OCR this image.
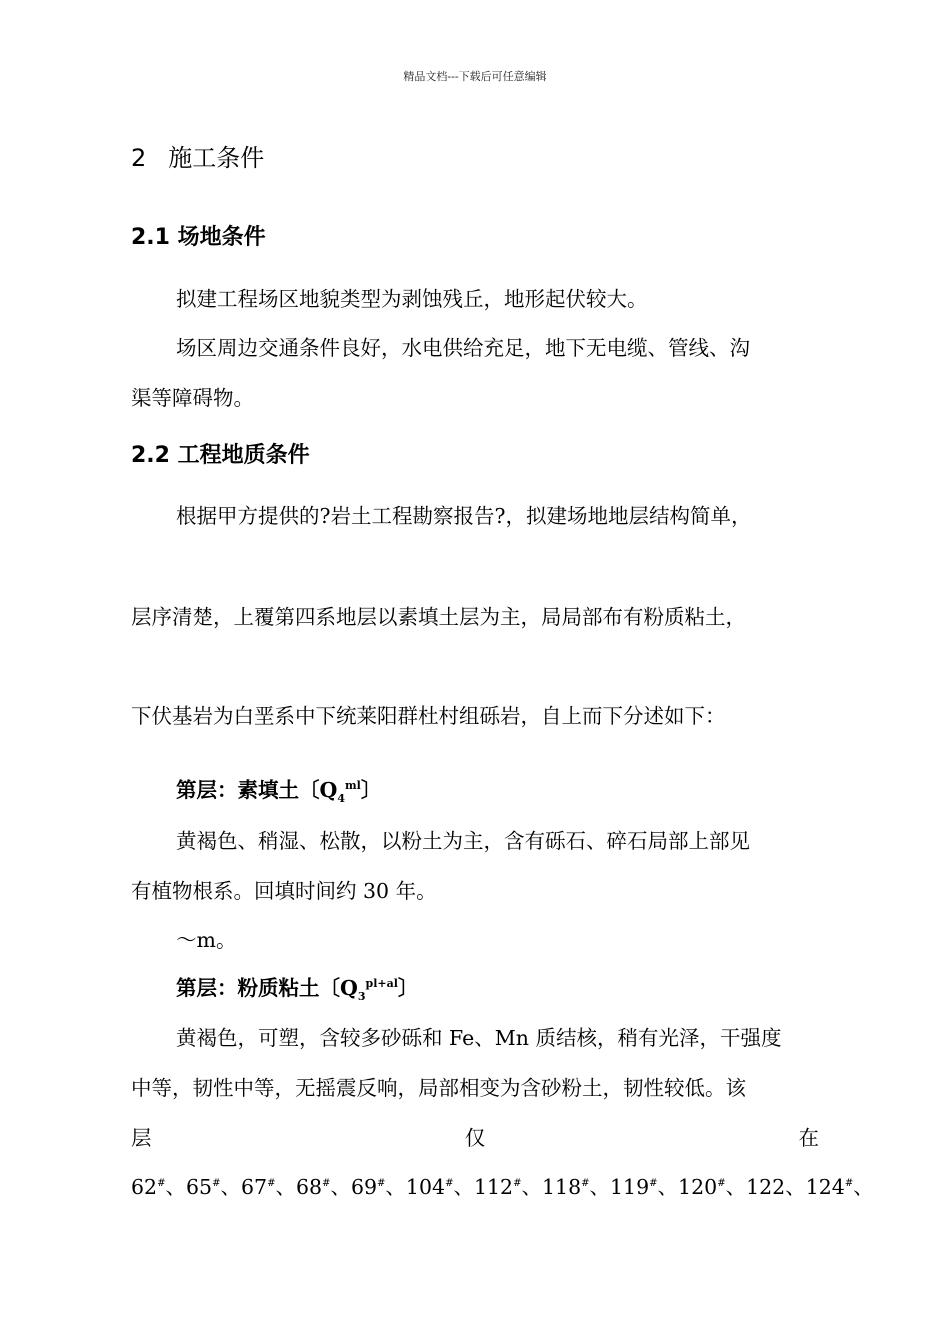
精品文档---下载后可任意编辑
2 施工条件
2.1 场地条件
拟建工程场区地貌类型为剥蚀残丘，地形起伏较大。
场区周边交通条件良好，水电供给充足，地下无电缆、管线、沟
渠等障碍物。
2.2 工程地质条件
根据甲方提供的?岩土工程勘察报告?，拟建场地地层结构简单，
层序清楚，上覆第四系地层以素填土层为主，局局部布有粉质粘土，
下伏基岩为白垩系中下统莱阳群杜村组砾岩，自上而下分述如下：
第层：素填土〔$Q_4^{ml}$〕
黄褐色、稍湿、松散，以粉土为主，含有砾石、碎石局部上部见
有植物根系。回填时间约 30 年。
～m。
第层：粉质粘土〔$Q_3^{pl+al}$〕
黄褐色，可塑，含较多砂砾和 Fe、Mn 质结核，稍有光泽，干强度
中等，韧性中等，无摇震反响，局部相变为含砂粉土，韧性较低。该
层	仅	在
62#、65#、67#、68#、69#、104#、112#、118#、119#、120#、122、124#、
